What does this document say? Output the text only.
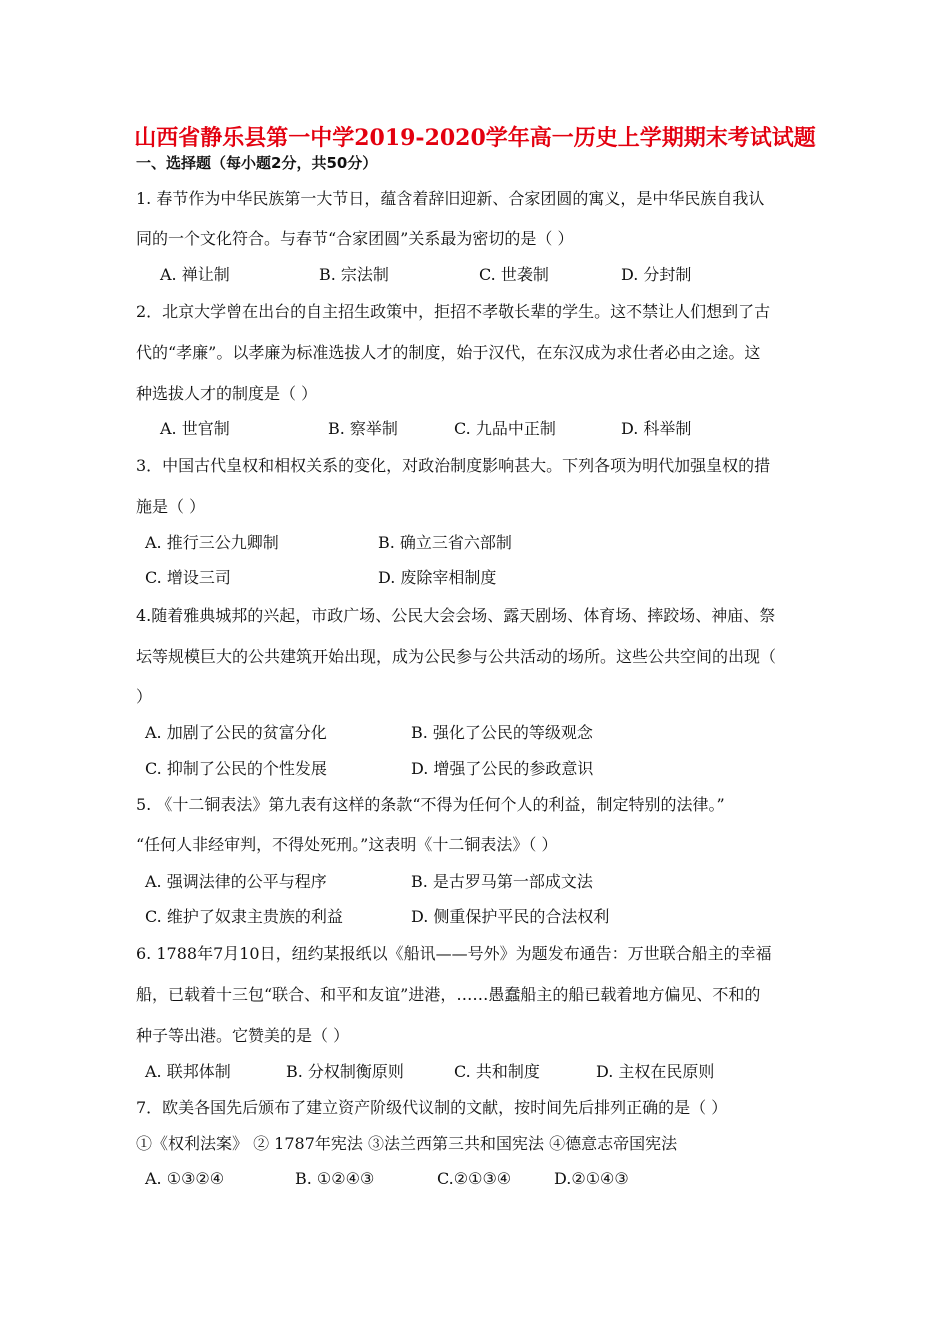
山西省静乐县第一中学2019-2020学年高一历史上学期期末考试试题
一、选择题（每小题2分，共50分）
1. 春节作为中华民族第一大节日，蕴含着辞旧迎新、合家团圆的寓义，是中华民族自我认
同的一个文化符合。与春节“合家团圆”关系最为密切的是（ ）
A. 禅让制	B. 宗法制	C. 世袭制	D. 分封制
2．北京大学曾在出台的自主招生政策中，拒招不孝敬长辈的学生。这不禁让人们想到了古
代的“孝廉”。以孝廉为标准选拔人才的制度，始于汉代，在东汉成为求仕者必由之途。这
种选拔人才的制度是（ ）
A. 世官制	B. 察举制	C. 九品中正制	D. 科举制
3．中国古代皇权和相权关系的变化，对政治制度影响甚大。下列各项为明代加强皇权的措
施是（ ）
A. 推行三公九卿制	B. 确立三省六部制
C. 增设三司	D. 废除宰相制度
4.随着雅典城邦的兴起，市政广场、公民大会会场、露天剧场、体育场、摔跤场、神庙、祭
坛等规模巨大的公共建筑开始出现，成为公民参与公共活动的场所。这些公共空间的出现（
）
A. 加剧了公民的贫富分化	B. 强化了公民的等级观念
C. 抑制了公民的个性发展	D. 增强了公民的参政意识
5. 《十二铜表法》第九表有这样的条款“不得为任何个人的利益，制定特别的法律。”
“任何人非经审判，不得处死刑。”这表明《十二铜表法》（ ）
A. 强调法律的公平与程序	B. 是古罗马第一部成文法
C. 维护了奴隶主贵族的利益	D. 侧重保护平民的合法权利
6. 1788年7月10日，纽约某报纸以《船讯——号外》为题发布通告：万世联合船主的幸福
船，已载着十三包“联合、和平和友谊”进港，……愚蠢船主的船已载着地方偏见、不和的
种子等出港。它赞美的是（ ）
A. 联邦体制	B. 分权制衡原则	C. 共和制度	D. 主权在民原则
7．欧美各国先后颁布了建立资产阶级代议制的文献，按时间先后排列正确的是（ ）
①《权利法案》 ② 1787年宪法 ③法兰西第三共和国宪法 ④德意志帝国宪法
A. ①③②④	B. ①②④③	C.②①③④	D.②①④③
